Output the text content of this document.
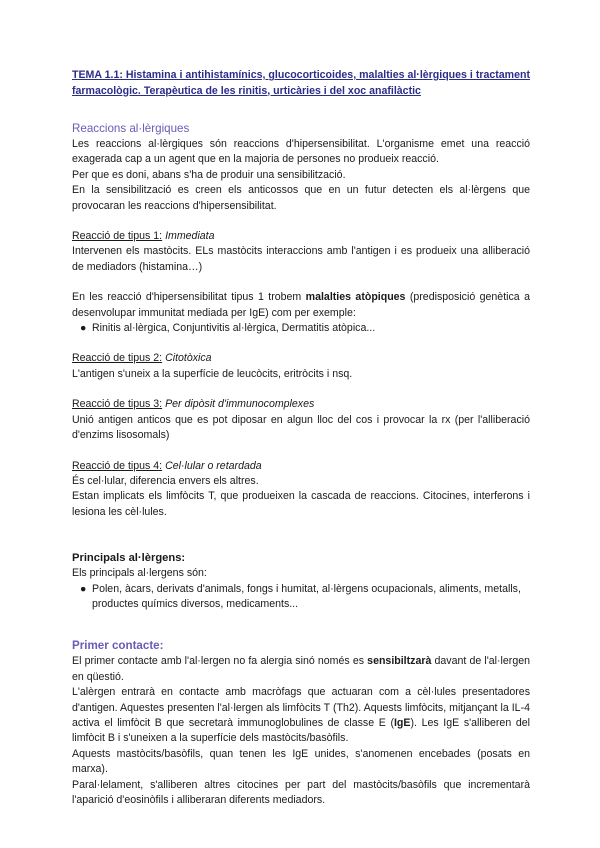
TEMA 1.1: Histamina i antihistamínics, glucocorticoides, malalties al·lèrgiques i tractament farmacològic. Terapèutica de les rinitis, urticàries i del xoc anafilàctic

Reaccions al·lèrgiques

Les reaccions al·lèrgiques són reaccions d'hipersensibilitat. L'organisme emet una reacció exagerada cap a un agent que en la majoria de persones no produeix reacció.

Per que es doni, abans s'ha de produir una sensibilització.

En la sensibilització es creen els anticossos que en un futur detecten els al·lèrgens que provocaran les reaccions d'hipersensibilitat.

Reacció de tipus 1: Immediata

Intervenen els mastòcits. ELs mastòcits interaccions amb l'antigen i es produeix una alliberació de mediadors (histamina…)

En les reacció d'hipersensibilitat tipus 1 trobem malalties atòpiques (predisposició genètica a desenvolupar immunitat mediada per IgE) com per exemple:

● Rinitis al·lèrgica, Conjuntivitis al·lèrgica, Dermatitis atòpica...

Reacció de tipus 2: Citotòxica

L'antigen s'uneix a la superfície de leucòcits, eritròcits i nsq.

Reacció de tipus 3: Per dipòsit d'immunocomplexes

Unió antigen anticos que es pot diposar en algun lloc del cos i provocar la rx (per l'alliberació d'enzims lisosomals)

Reacció de tipus 4: Cel·lular o retardada

És cel·lular, diferencia envers els altres.

Estan implicats els limfòcits T, que produeixen la cascada de reaccions. Citocines, interferons i lesiona les cèl·lules.

Principals al·lèrgens:

Els principals al·lergens són:

● Polen, àcars, derivats d'animals, fongs i humitat, al·lèrgens ocupacionals, aliments, metalls, productes químics diversos, medicaments...

Primer contacte:

El primer contacte amb l'al·lergen no fa alergia sinó només es sensibiltzarà davant de l'al·lergen en qüestió.

L'alèrgen entrarà en contacte amb macròfags que actuaran com a cèl·lules presentadores d'antigen. Aquestes presenten l'al·lergen als limfòcits T (Th2). Aquests limfòcits, mitjançant la IL-4 activa el limfòcit B que secretarà immunoglobulines de classe E (IgE). Les IgE s'alliberen del limfòcit B i s'uneixen a la superfície dels mastòcits/basòfils.

Aquests mastòcits/basòfils, quan tenen les IgE unides, s'anomenen encebades (posats en marxa).

Paral·lelament, s'alliberen altres citocines per part del mastòcits/basòfils que incrementarà l'aparició d'eosinòfils i alliberaran diferents mediadors.
